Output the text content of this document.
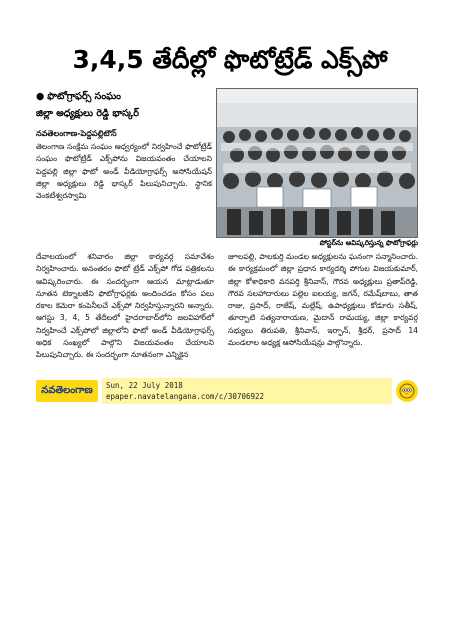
3,4,5 తేదీల్లో ఫొటోట్రేడ్ ఎక్స్‌పో
● ఫొటోగ్రాఫర్స్ సంఘం
జిల్లా అధ్యక్షులు రెడ్డి భాస్కర్
నవతెలంగాణ-పెద్దపల్లిటౌన్

తెలంగాణ సంక్షేమ సంఘం ఆధ్వర్యంలో నిర్వహించే ఫొటోట్రేడ్ సంఘం ఫొటోట్రేడ్ ఎక్స్‌పోను విజయవంతం చేయాలని పెద్దపల్లి జిల్లా ఫొటో అండ్ వీడియోగ్రాఫర్స్ అసోసియేషన్ జిల్లా అధ్యక్షులు రెడ్డి భాస్కర్ పిలుపునిచ్చారు. స్థానిక వెంకటేశ్వరస్వామి

పోస్టర్‌ను ఆవిష్కరిస్తున్న ఫొటోగ్రాఫర్లు

దేవాలయంలో శనివారం జిల్లా కార్యవర్గ సమావేశం నిర్వహించారు. అనంతరం ఫొటో ట్రేడ్ ఎక్స్‌పో గోడ పత్రికలను ఆవిష్కరించారు. ఈ సందర్భంగా ఆయన మాట్లాడుతూ నూతన టెక్నాలజీని ఫొటోగ్రాఫర్లకు అందించడం కోసం పలు రకాల కెమెరా కంపెనీలచే ఎక్స్‌పో నిర్వహిస్తున్నారని అన్నారు. ఆగస్టు 3, 4, 5 తేదీలలో హైదరాబాద్‌లోని జలవిహార్‌లో నిర్వహించే ఎక్స్‌పోలో జిల్లాలోని ఫొటో అండ్ వీడియోగ్రాఫర్స్ అధిక సంఖ్యలో పాల్గొని విజయవంతం చేయాలని పిలుపునిచ్చారు. ఈ సందర్భంగా నూతనంగా ఎన్నికైన

జూలపల్లి, పాలకుర్తి మండల అధ్యక్షులను ఘనంగా సన్మానించారు. ఈ కార్యక్రమంలో జిల్లా ప్రధాన కార్యదర్శి పోగుల విజయకుమార్, జిల్లా కోశాధికారి వనపర్తి శ్రీనివాస్, గౌరవ అధ్యక్షులు ప్రతాప్‌రెడ్డి, గౌరవ సలహాదారులు పల్లెల ఐలయ్య, జగన్, రమేష్‌బాబు, తాత రాజు, ప్రసాద్, రాజేష్, మల్లేష్, ఉపాధ్యక్షులు కోడూరు సతీష్, తూర్పాటి సత్యనారాయణ, మైదాన్ రామయ్య, జిల్లా కార్యవర్గ సభ్యులు తిరుపతి, శ్రీనివాస్, ఇర్ఫాన్, శ్రీధర్, ప్రసాద్ 14 మండలాల అధ్యక్ష ఆసోసియేషన్లు పాల్గొన్నారు.

నవతెలంగాణ	Sun, 22 July 2018
epaper.navatelangana.com/c/30706922
